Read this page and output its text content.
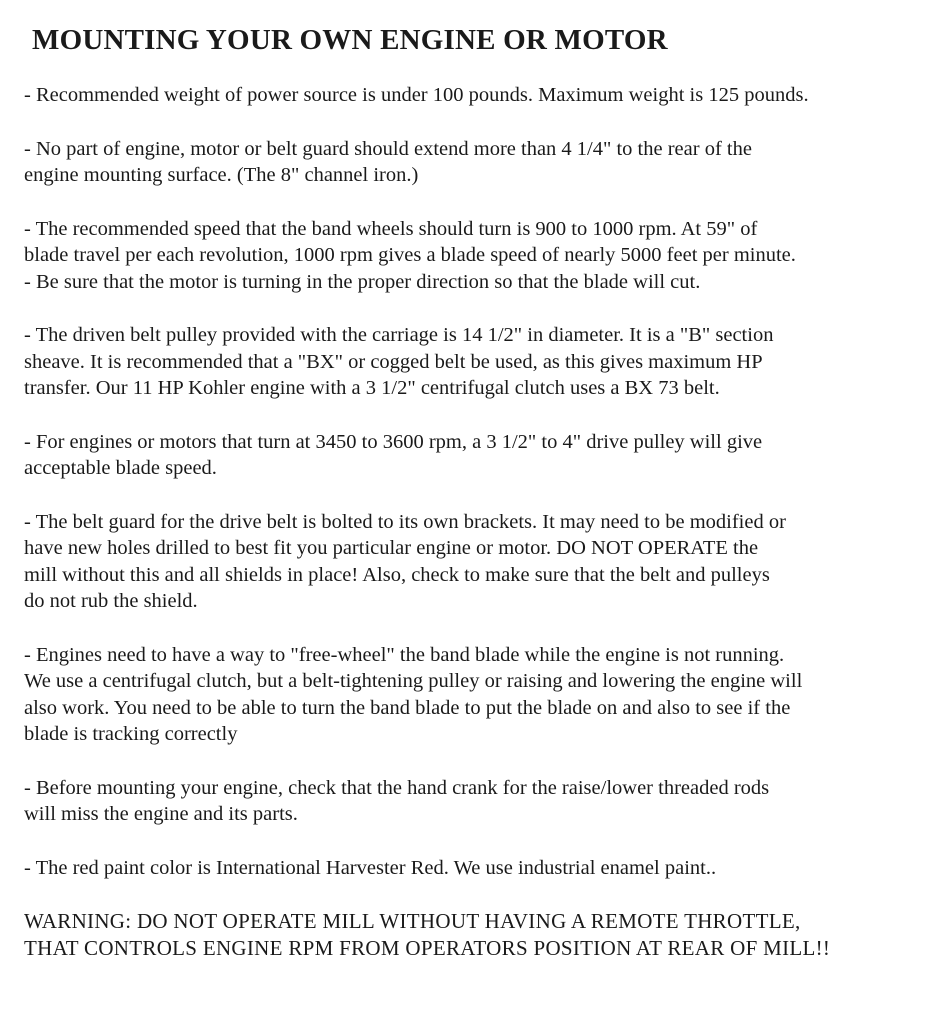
MOUNTING YOUR OWN ENGINE OR MOTOR

- Recommended weight of power source is under 100 pounds. Maximum weight is 125 pounds.

- No part of engine, motor or belt guard should extend more than 4 1/4" to the rear of the
engine mounting surface. (The 8" channel iron.)

- The recommended speed that the band wheels should turn is 900 to 1000 rpm. At 59" of
blade travel per each revolution, 1000 rpm gives a blade speed of nearly 5000 feet per minute.
- Be sure that the motor is turning in the proper direction so that the blade will cut.

- The driven belt pulley provided with the carriage is 14 1/2" in diameter. It is a "B" section
sheave. It is recommended that a "BX" or cogged belt be used, as this gives maximum HP
transfer. Our 11 HP Kohler engine with a 3 1/2" centrifugal clutch uses a BX 73 belt.

- For engines or motors that turn at 3450 to 3600 rpm, a 3 1/2" to 4" drive pulley will give
acceptable blade speed.

- The belt guard for the drive belt is bolted to its own brackets. It may need to be modified or
have new holes drilled to best fit you particular engine or motor. DO NOT OPERATE the
mill without this and all shields in place! Also, check to make sure that the belt and pulleys
do not rub the shield.

- Engines need to have a way to "free-wheel" the band blade while the engine is not running.
We use a centrifugal clutch, but a belt-tightening pulley or raising and lowering the engine will
also work. You need to be able to turn the band blade to put the blade on and also to see if the
blade is tracking correctly

- Before mounting your engine, check that the hand crank for the raise/lower threaded rods
will miss the engine and its parts.

- The red paint color is International Harvester Red. We use industrial enamel paint..

WARNING: DO NOT OPERATE MILL WITHOUT HAVING A REMOTE THROTTLE,
THAT CONTROLS ENGINE RPM FROM OPERATORS POSITION AT REAR OF MILL!!
